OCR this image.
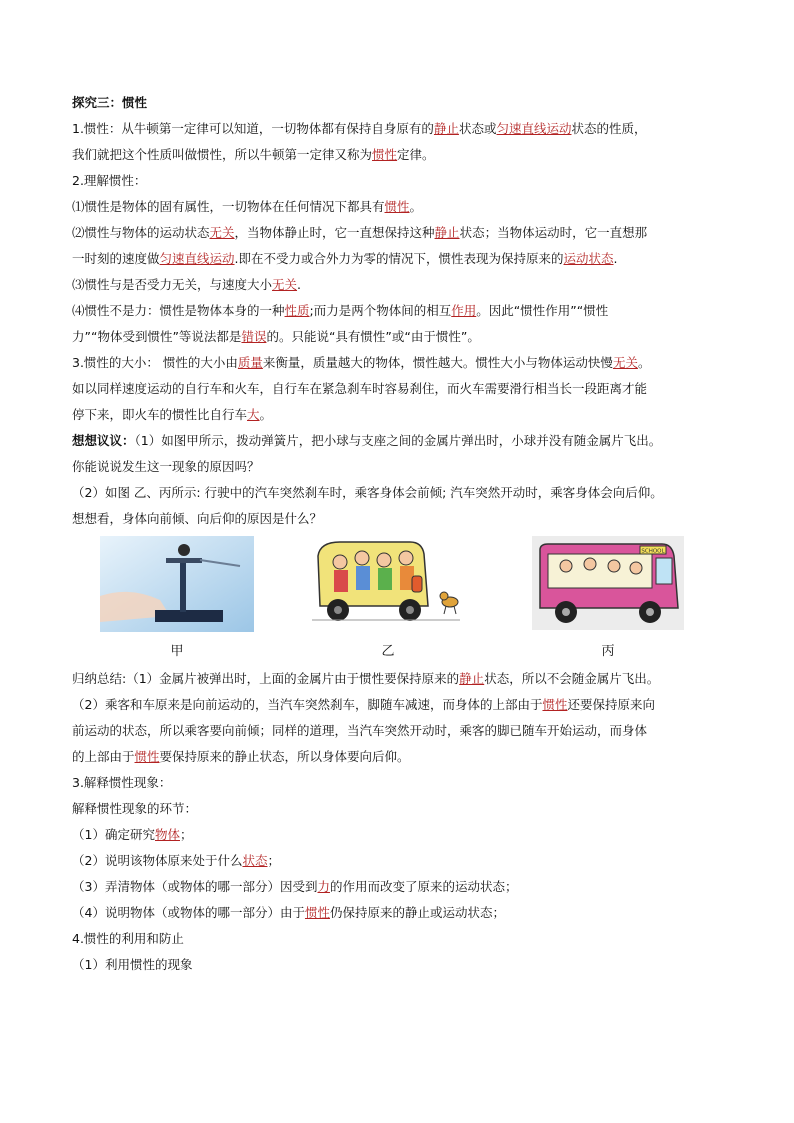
探究三：惯性
1.惯性：从牛顿第一定律可以知道，一切物体都有保持自身原有的静止状态或匀速直线运动状态的性质，
我们就把这个性质叫做惯性，所以牛顿第一定律又称为惯性定律。
2.理解惯性：
⑴惯性是物体的固有属性，一切物体在任何情况下都具有惯性。
⑵惯性与物体的运动状态无关，当物体静止时，它一直想保持这种静止状态；当物体运动时，它一直想那
一时刻的速度做匀速直线运动.即在不受力或合外力为零的情况下，惯性表现为保持原来的运动状态.
⑶惯性与是否受力无关，与速度大小无关.
⑷惯性不是力：惯性是物体本身的一种性质;而力是两个物体间的相互作用。因此“惯性作用”“惯性
力”“物体受到惯性”等说法都是错误的。只能说“具有惯性”或“由于惯性”。
3.惯性的大小： 惯性的大小由质量来衡量，质量越大的物体，惯性越大。惯性大小与物体运动快慢无关。
如以同样速度运动的自行车和火车，自行车在紧急刹车时容易刹住，而火车需要滑行相当长一段距离才能
停下来，即火车的惯性比自行车大。
想想议议：（1）如图甲所示，拨动弹簧片，把小球与支座之间的金属片弹出时，小球并没有随金属片飞出。
你能说说发生这一现象的原因吗？
（2）如图 乙、丙所示: 行驶中的汽车突然刹车时，乘客身体会前倾; 汽车突然开动时，乘客身体会向后仰。
想想看，身体向前倾、向后仰的原因是什么？
SCHOOL
甲	乙	丙
归纳总结:（1）金属片被弹出时，上面的金属片由于惯性要保持原来的静止状态，所以不会随金属片飞出。
（2）乘客和车原来是向前运动的，当汽车突然刹车，脚随车减速，而身体的上部由于惯性还要保持原来向
前运动的状态，所以乘客要向前倾；同样的道理，当汽车突然开动时，乘客的脚已随车开始运动，而身体
的上部由于惯性要保持原来的静止状态，所以身体要向后仰。
3.解释惯性现象：
解释惯性现象的环节：
（1）确定研究物体；
（2）说明该物体原来处于什么状态；
（3）弄清物体（或物体的哪一部分）因受到力的作用而改变了原来的运动状态；
（4）说明物体（或物体的哪一部分）由于惯性仍保持原来的静止或运动状态；
4.惯性的利用和防止
（1）利用惯性的现象
